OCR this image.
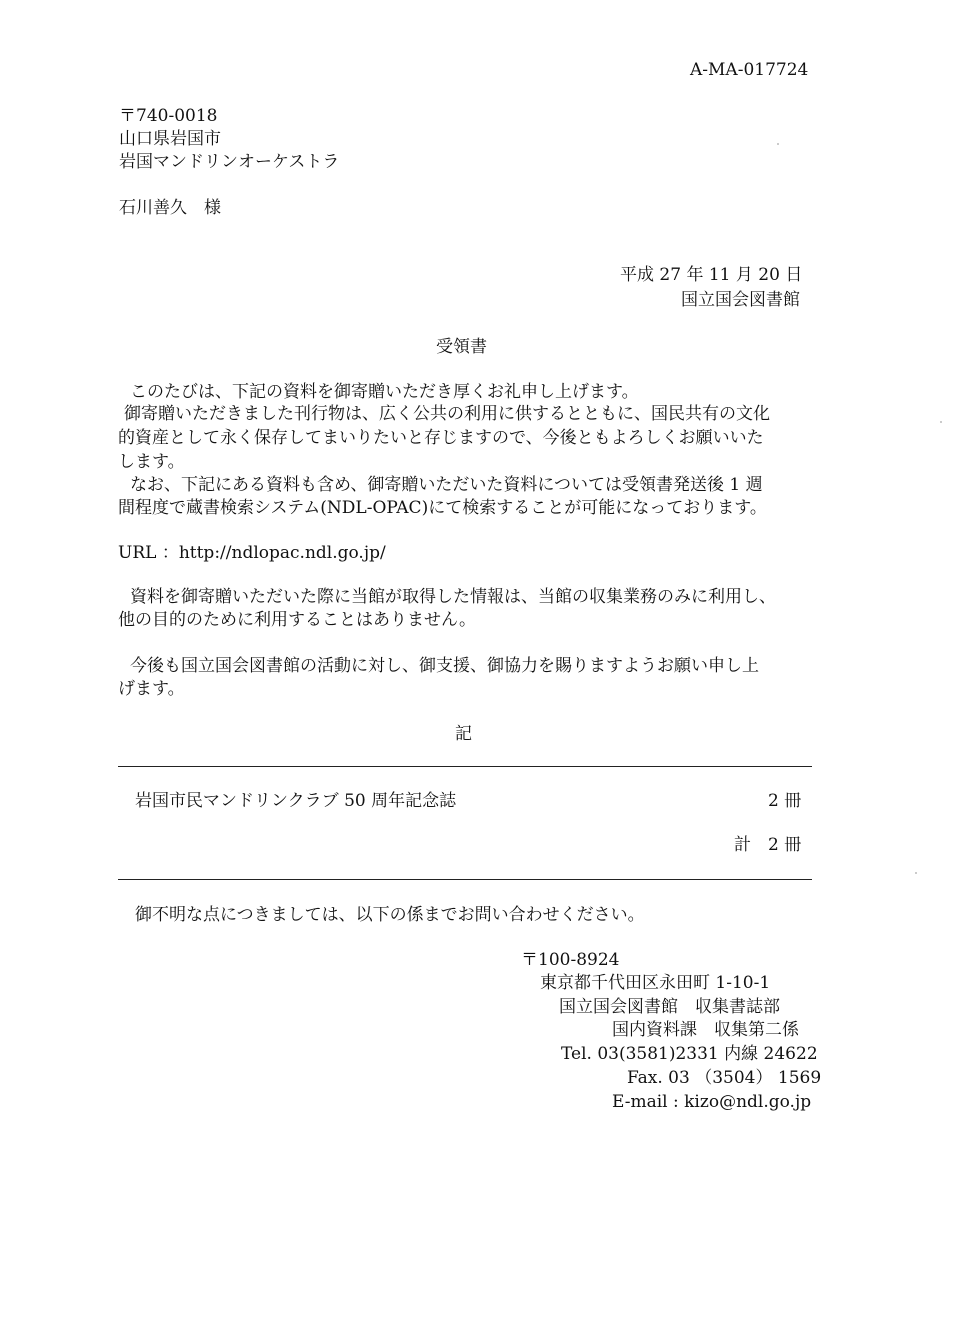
A-MA-017724
〒740-0018
山口県岩国市
岩国マンドリンオーケストラ
石川善久　様
平成 27 年 11 月 20 日
国立国会図書館
受領書
このたびは、下記の資料を御寄贈いただき厚くお礼申し上げます。
御寄贈いただきました刊行物は、広く公共の利用に供するとともに、国民共有の文化
的資産として永く保存してまいりたいと存じますので、今後ともよろしくお願いいた
します。
なお、下記にある資料も含め、御寄贈いただいた資料については受領書発送後 1 週
間程度で蔵書検索システム(NDL-OPAC)にて検索することが可能になっております。
URL ：http://ndlopac.ndl.go.jp/
資料を御寄贈いただいた際に当館が取得した情報は、当館の収集業務のみに利用し、
他の目的のために利用することはありません。
今後も国立国会図書館の活動に対し、御支援、御協力を賜りますようお願い申し上
げます。
記
岩国市民マンドリンクラブ 50 周年記念誌	2 冊
計　2 冊
御不明な点につきましては、以下の係までお問い合わせください。
〒100-8924
東京都千代田区永田町 1-10-1
国立国会図書館　収集書誌部
国内資料課　収集第二係
Tel. 03(3581)2331 内線 24622
Fax. 03 （3504） 1569
E-mail : kizo@ndl.go.jp
